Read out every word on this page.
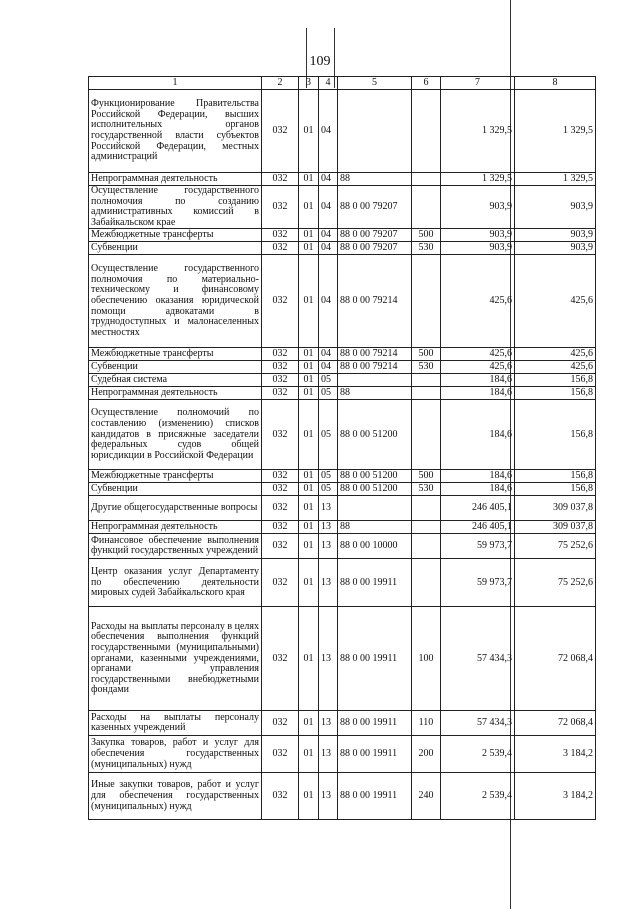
109
1	2	3	4	5	6	7	8
Функционирование Правительства Российской Федерации, высших исполнительных органов государственной власти субъектов Российской Федерации, местных администраций	032	01	04			1 329,5	1 329,5
Непрограммная деятельность	032	01	04	88		1 329,5	1 329,5
Осуществление государственного полномочия по созданию административных комиссий в Забайкальском крае	032	01	04	88 0 00 79207		903,9	903,9
Межбюджетные трансферты	032	01	04	88 0 00 79207	500	903,9	903,9
Субвенции	032	01	04	88 0 00 79207	530	903,9	903,9
Осуществление государственного полномочия по материально-техническому и финансовому обеспечению оказания юридической помощи адвокатами в труднодоступных и малонаселенных местностях	032	01	04	88 0 00 79214		425,6	425,6
Межбюджетные трансферты	032	01	04	88 0 00 79214	500	425,6	425,6
Субвенции	032	01	04	88 0 00 79214	530	425,6	425,6
Судебная система	032	01	05			184,6	156,8
Непрограммная деятельность	032	01	05	88		184,6	156,8
Осуществление полномочий по составлению (изменению) списков кандидатов в присяжные заседатели федеральных судов общей юрисдикции в Российской Федерации	032	01	05	88 0 00 51200		184,6	156,8
Межбюджетные трансферты	032	01	05	88 0 00 51200	500	184,6	156,8
Субвенции	032	01	05	88 0 00 51200	530	184,6	156,8
Другие общегосударственные вопросы	032	01	13			246 405,1	309 037,8
Непрограммная деятельность	032	01	13	88		246 405,1	309 037,8
Финансовое обеспечение выполнения функций государственных учреждений	032	01	13	88 0 00 10000		59 973,7	75 252,6
Центр оказания услуг Департаменту по обеспечению деятельности мировых судей Забайкальского края	032	01	13	88 0 00 19911		59 973,7	75 252,6
Расходы на выплаты персоналу в целях обеспечения выполнения функций государственными (муниципальными) органами, казенными учреждениями, органами управления государственными внебюджетными фондами	032	01	13	88 0 00 19911	100	57 434,3	72 068,4
Расходы на выплаты персоналу казенных учреждений	032	01	13	88 0 00 19911	110	57 434,3	72 068,4
Закупка товаров, работ и услуг для обеспечения государственных (муниципальных) нужд	032	01	13	88 0 00 19911	200	2 539,4	3 184,2
Иные закупки товаров, работ и услуг для обеспечения государственных (муниципальных) нужд	032	01	13	88 0 00 19911	240	2 539,4	3 184,2
